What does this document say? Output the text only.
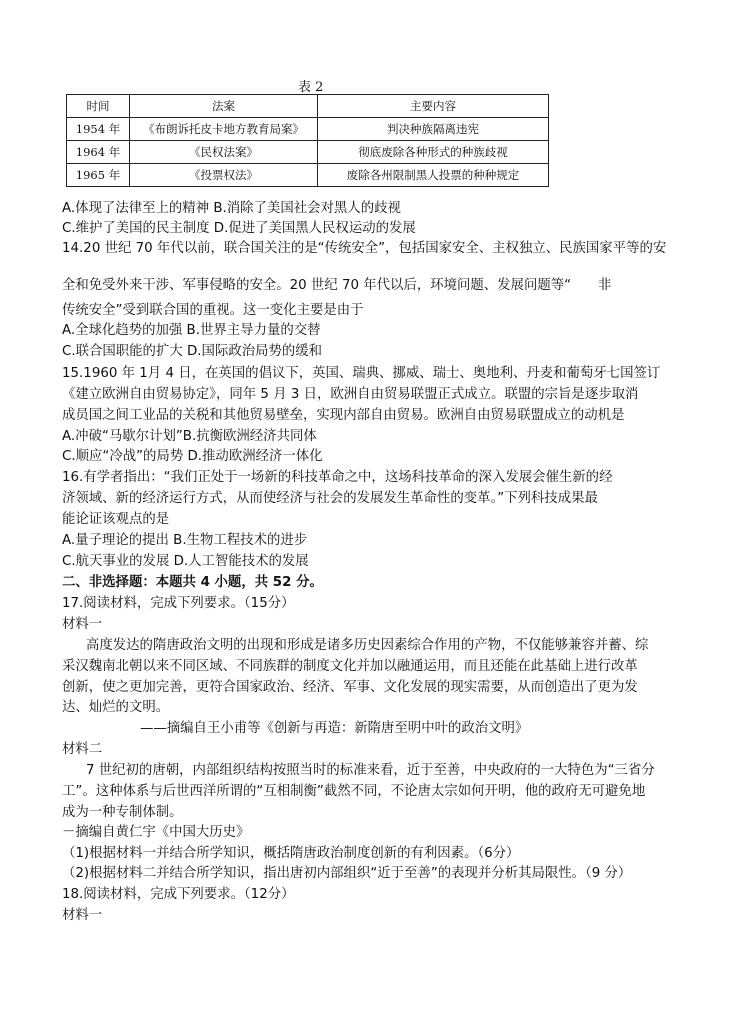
表 2
时间	法案	主要内容
1954 年	《布朗诉托皮卡地方教育局案》	判决种族隔离违宪
1964 年	《民权法案》	彻底废除各种形式的种族歧视
1965 年	《投票权法》	废除各州限制黑人投票的种种规定
A.体现了法律至上的精神 B.消除了美国社会对黑人的歧视
C.维护了美国的民主制度 D.促进了美国黑人民权运动的发展
14.20 世纪 70 年代以前，联合国关注的是“传统安全”，包括国家安全、主权独立、民族国家平等的安
全和免受外来干涉、军事侵略的安全。20 世纪 70 年代以后，环境问题、发展问题等“　　非
传统安全”受到联合国的重视。这一变化主要是由于
A.全球化趋势的加强 B.世界主导力量的交替
C.联合国职能的扩大 D.国际政治局势的缓和
15.1960 年 1月 4 日，在英国的倡议下，英国、瑞典、挪威、瑞士、奥地利、丹麦和葡萄牙七国签订
《建立欧洲自由贸易协定》，同年 5 月 3 日，欧洲自由贸易联盟正式成立。联盟的宗旨是逐步取消
成员国之间工业品的关税和其他贸易壁垒，实现内部自由贸易。欧洲自由贸易联盟成立的动机是
A.冲破“马歇尔计划”B.抗衡欧洲经济共同体
C.顺应“冷战”的局势 D.推动欧洲经济一体化
16.有学者指出：“我们正处于一场新的科技革命之中，这场科技革命的深入发展会催生新的经
济领域、新的经济运行方式，从而使经济与社会的发展发生革命性的变革。”下列科技成果最
能论证该观点的是
A.量子理论的提出 B.生物工程技术的进步
C.航天事业的发展 D.人工智能技术的发展
二、非选择题：本题共 4 小题，共 52 分。
17.阅读材料，完成下列要求。（15分）
材料一
高度发达的隋唐政治文明的出现和形成是诸多历史因素综合作用的产物，不仅能够兼容并蓄、综
采汉魏南北朝以来不同区域、不同族群的制度文化并加以融通运用，而且还能在此基础上进行改革
创新，使之更加完善，更符合国家政治、经济、军事、文化发展的现实需要，从而创造出了更为发
达、灿烂的文明。
——摘编自王小甫等《创新与再造：新隋唐至明中叶的政治文明》
材料二
7 世纪初的唐朝，内部组织结构按照当时的标准来看，近于至善，中央政府的一大特色为“三省分
工”。这种体系与后世西洋所谓的“互相制衡”截然不同，不论唐太宗如何开明，他的政府无可避免地
成为一种专制体制。
－摘编自黄仁宇《中国大历史》
（1)根据材料一并结合所学知识，概括隋唐政治制度创新的有利因素。（6分）
（2)根据材料二并结合所学知识，指出唐初内部组织“近于至善”的表现并分析其局限性。（9 分）
18.阅读材料，完成下列要求。（12分）
材料一
